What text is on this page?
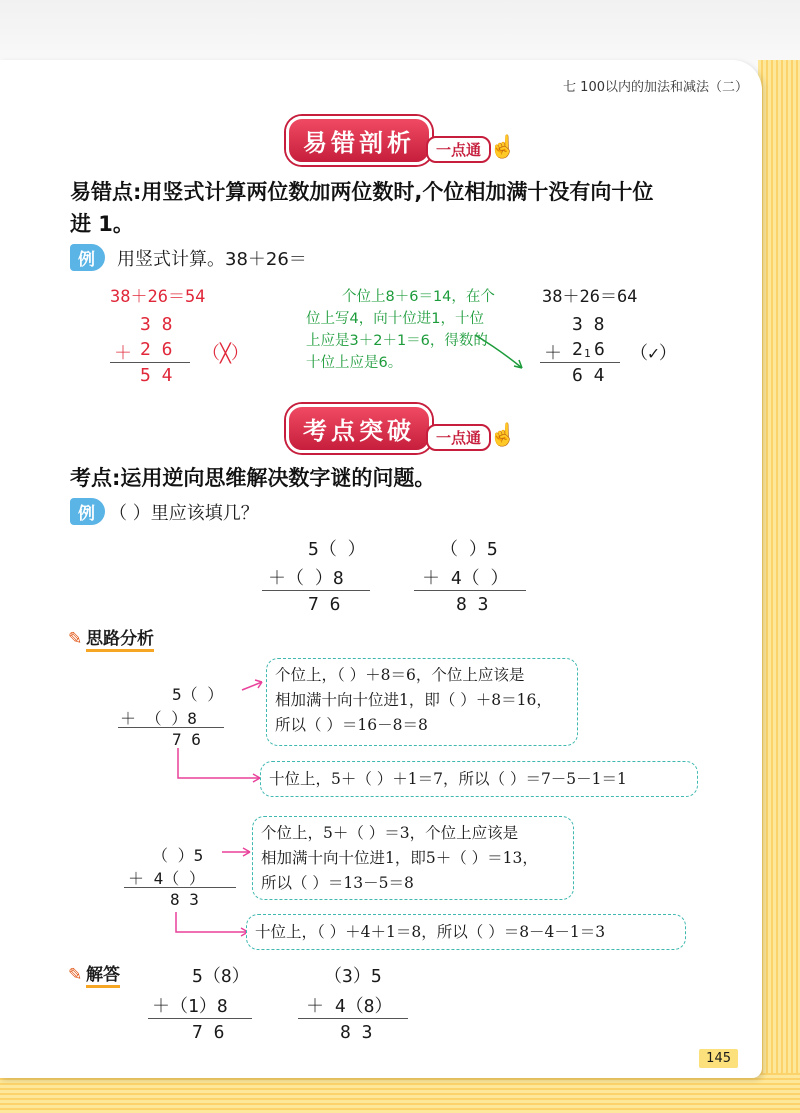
七 100以内的加法和减法（二）
易错剖析	一点通 ☝
易错点:用竖式计算两位数加两位数时,个位相加满十没有向十位
进 1。
例	用竖式计算。38＋26＝
38＋26＝54
3 8
＋ 2 6
5 4
（╳）
个位上8＋6＝14，在个
位上写4，向十位进1，十位
上应是3＋2＋1＝6，得数的
十位上应是6。
38＋26＝64
3 8
＋ 2 1 6
6 4
（✓）
考点突破	一点通 ☝
考点:运用逆向思维解决数字谜的问题。
例 （ ）里应该填几？
5（ ）
＋（ ）8
7 6
（ ）5
＋ 4（ ）
8 3
✎ 思路分析
5（ ）
＋ （ ）8
7 6
个位上，（ ）＋8＝6，个位上应该是
相加满十向十位进1，即（ ）＋8＝16，
所以（ ）＝16－8＝8
十位上，5＋（ ）＋1＝7，所以（ ）＝7－5－1＝1
（ ）5
＋ 4（ ）
8 3
个位上，5＋（ ）＝3，个位上应该是
相加满十向十位进1，即5＋（ ）＝13，
所以（ ）＝13－5＝8
十位上，（ ）＋4＋1＝8，所以（ ）＝8－4－1＝3
✎ 解答	5（8）
＋（1）8
7 6
（3）5
＋ 4（8）
8 3
145
